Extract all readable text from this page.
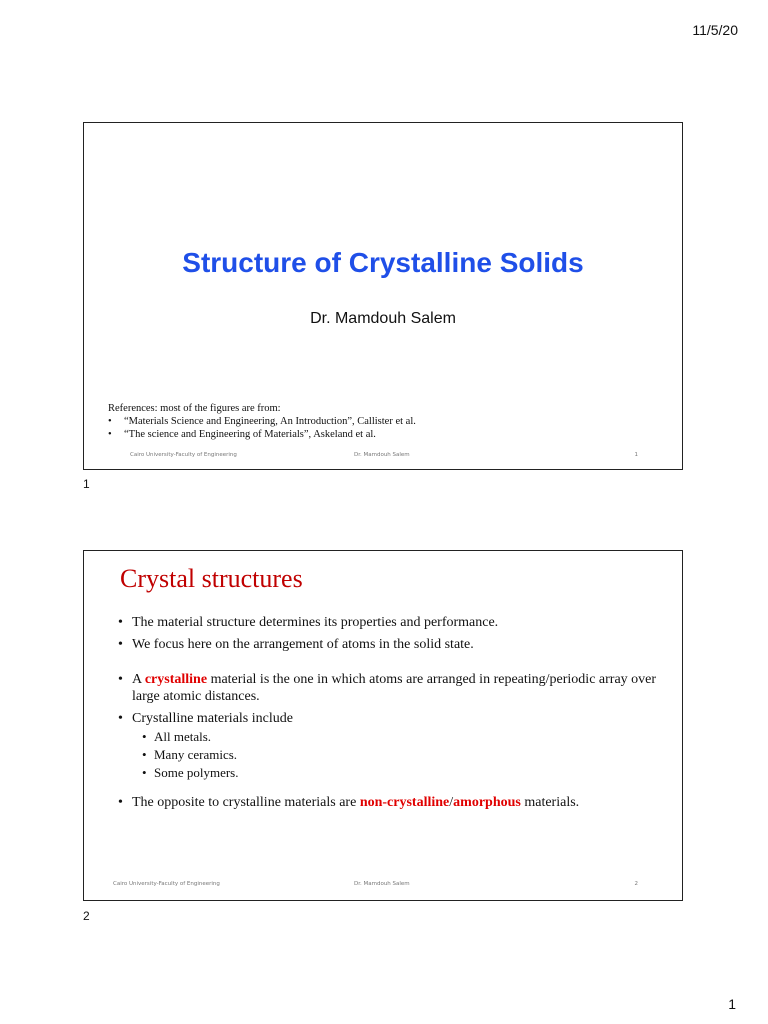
11/5/20
Structure of Crystalline Solids
Dr. Mamdouh Salem
References: most of the figures are from:
• “Materials Science and Engineering, An Introduction”, Callister et al.
• “The science and Engineering of Materials”, Askeland et al.
Cairo University-Faculty of Engineering	Dr. Mamdouh Salem	1
1
Crystal structures
• The material structure determines its properties and performance.
• We focus here on the arrangement of atoms in the solid state.
• A crystalline material is the one in which atoms are arranged in repeating/periodic array over large atomic distances.
• Crystalline materials include
• All metals.
• Many ceramics.
• Some polymers.
• The opposite to crystalline materials are non-crystalline/amorphous materials.
Cairo University-Faculty of Engineering	Dr. Mamdouh Salem	2
2
1
